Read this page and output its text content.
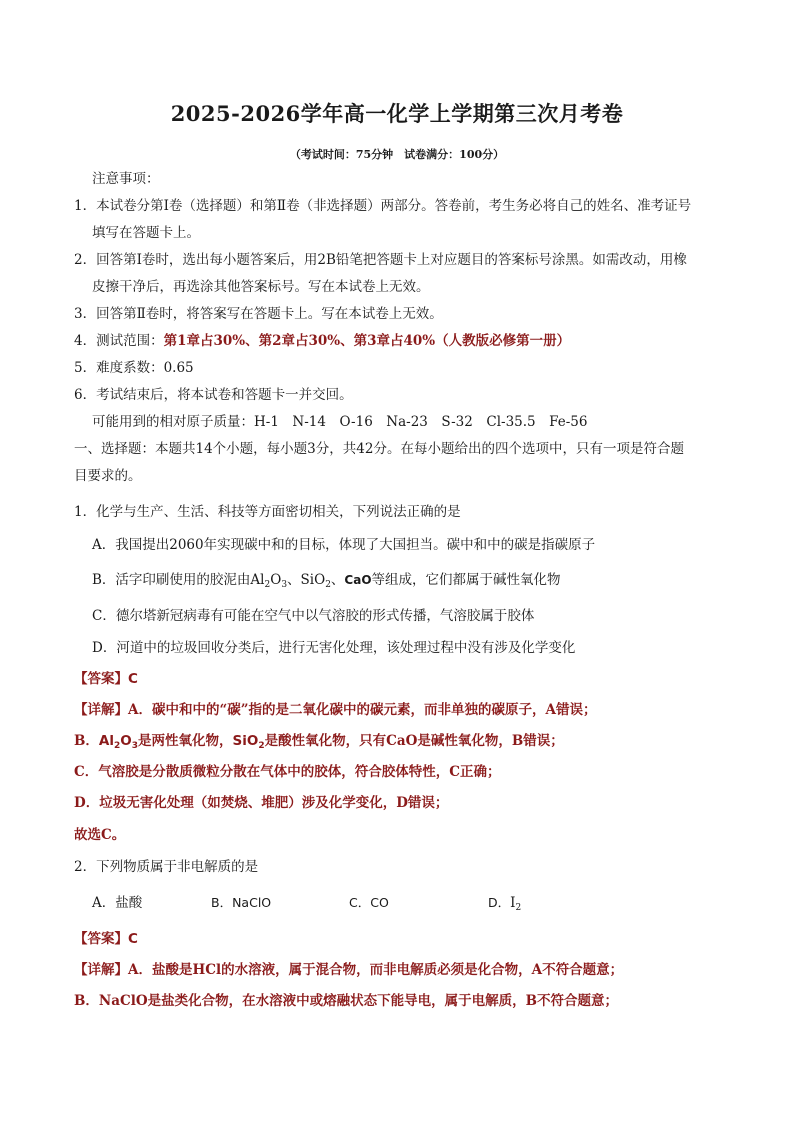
2025-2026学年高一化学上学期第三次月考卷
（考试时间：75分钟　试卷满分：100分）
注意事项：
1．本试卷分第Ⅰ卷（选择题）和第Ⅱ卷（非选择题）两部分。答卷前，考生务必将自己的姓名、准考证号
填写在答题卡上。
2．回答第Ⅰ卷时，选出每小题答案后，用2B铅笔把答题卡上对应题目的答案标号涂黑。如需改动，用橡
皮擦干净后，再选涂其他答案标号。写在本试卷上无效。
3．回答第Ⅱ卷时，将答案写在答题卡上。写在本试卷上无效。
4．测试范围：第1章占30%、第2章占30%、第3章占40%（人教版必修第一册）
5．难度系数：0.65
6．考试结束后，将本试卷和答题卡一并交回。
可能用到的相对原子质量：H-1　N-14　O-16　Na-23　S-32　Cl-35.5　Fe-56
一、选择题：本题共14个小题，每小题3分，共42分。在每小题给出的四个选项中，只有一项是符合题
目要求的。
1．化学与生产、生活、科技等方面密切相关，下列说法正确的是
A．我国提出2060年实现碳中和的目标，体现了大国担当。碳中和中的碳是指碳原子
B．活字印刷使用的胶泥由$Al_2O_3$、SiO$_2$、CaO等组成，它们都属于碱性氧化物
C．德尔塔新冠病毒有可能在空气中以气溶胶的形式传播，气溶胶属于胶体
D．河道中的垃圾回收分类后，进行无害化处理，该处理过程中没有涉及化学变化
【答案】C
【详解】A．碳中和中的“碳”指的是二氧化碳中的碳元素，而非单独的碳原子，A错误；
B．$Al_2O_3$是两性氧化物，SiO$_2$是酸性氧化物，只有CaO是碱性氧化物，B错误；
C．气溶胶是分散质微粒分散在气体中的胶体，符合胶体特性，C正确；
D．垃圾无害化处理（如焚烧、堆肥）涉及化学变化，D错误；
故选C。
2．下列物质属于非电解质的是
A．盐酸	B．NaClO	C．CO	D．$I_2$
【答案】C
【详解】A．盐酸是HCl的水溶液，属于混合物，而非电解质必须是化合物，A不符合题意；
B．NaClO是盐类化合物，在水溶液中或熔融状态下能导电，属于电解质，B不符合题意；
